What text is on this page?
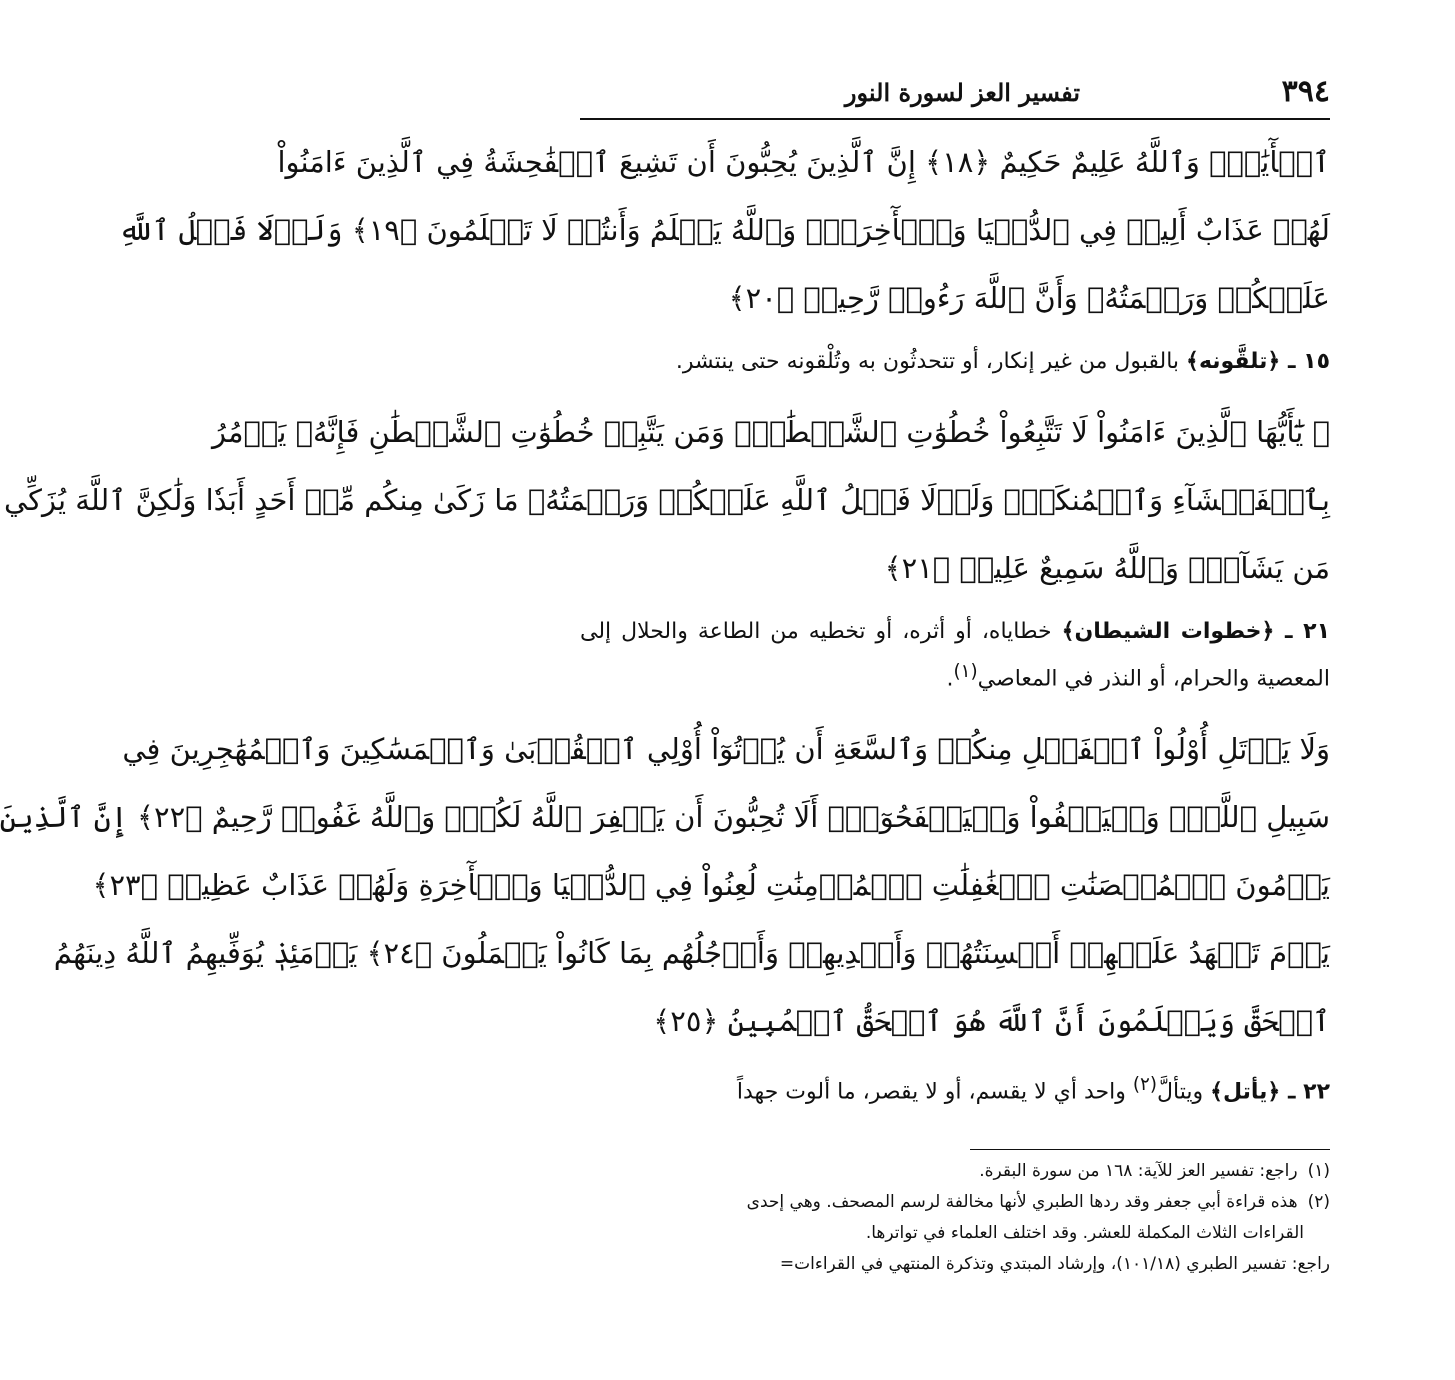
٣٩٤
تفسير العز لسورة النور
ٱلۡأٓيَٰتِۚ وَٱللَّهُ عَلِيمٌ حَكِيمٌ ﴿١٨﴾ إِنَّ ٱلَّذِينَ يُحِبُّونَ أَن تَشِيعَ ٱلۡفَٰحِشَةُ فِي ٱلَّذِينَ ءَامَنُواْ
لَهُمۡ عَذَابٌ أَلِيمٞ فِي ٱلدُّنۡيَا وَٱلۡأٓخِرَةِۚ وَٱللَّهُ يَعۡلَمُ وَأَنتُمۡ لَا تَعۡلَمُونَ ﴿١٩﴾ وَلَوۡلَا فَضۡلُ ٱللَّهِ
عَلَيۡكُمۡ وَرَحۡمَتُهُۥ وَأَنَّ ٱللَّهَ رَءُوفٞ رَّحِيمٞ ﴿٢٠﴾
١٥ ـ ﴿تلقَّونه﴾ بالقبول من غير إنكار، أو تتحدثُون به وتُلْقونه حتى ينتشر.
۞ يَٰٓأَيُّهَا ٱلَّذِينَ ءَامَنُواْ لَا تَتَّبِعُواْ خُطُوَٰتِ ٱلشَّيۡطَٰنِۚ وَمَن يَتَّبِعۡ خُطُوَٰتِ ٱلشَّيۡطَٰنِ فَإِنَّهُۥ يَأۡمُرُ
بِٱلۡفَحۡشَآءِ وَٱلۡمُنكَرِۚ وَلَوۡلَا فَضۡلُ ٱللَّهِ عَلَيۡكُمۡ وَرَحۡمَتُهُۥ مَا زَكَىٰ مِنكُم مِّنۡ أَحَدٍ أَبَدٗا وَلَٰكِنَّ ٱللَّهَ يُزَكِّي
مَن يَشَآءُۗ وَٱللَّهُ سَمِيعٌ عَلِيمٞ ﴿٢١﴾
٢١ ـ ﴿خطوات الشيطان﴾ خطاياه، أو أثره، أو تخطيه من الطاعة والحلال إلى المعصية والحرام، أو النذر في المعاصي$^{(١)}$.
وَلَا يَأۡتَلِ أُوْلُواْ ٱلۡفَضۡلِ مِنكُمۡ وَٱلسَّعَةِ أَن يُؤۡتُوٓاْ أُوْلِي ٱلۡقُرۡبَىٰ وَٱلۡمَسَٰكِينَ وَٱلۡمُهَٰجِرِينَ فِي
سَبِيلِ ٱللَّهِۖ وَلۡيَعۡفُواْ وَلۡيَصۡفَحُوٓاْۗ أَلَا تُحِبُّونَ أَن يَغۡفِرَ ٱللَّهُ لَكُمۡۚ وَٱللَّهُ غَفُورٞ رَّحِيمٌ ﴿٢٢﴾ إِنَّ ٱلَّذِينَ
يَرۡمُونَ ٱلۡمُحۡصَنَٰتِ ٱلۡغَٰفِلَٰتِ ٱلۡمُؤۡمِنَٰتِ لُعِنُواْ فِي ٱلدُّنۡيَا وَٱلۡأٓخِرَةِ وَلَهُمۡ عَذَابٌ عَظِيمٞ ﴿٢٣﴾
يَوۡمَ تَشۡهَدُ عَلَيۡهِمۡ أَلۡسِنَتُهُمۡ وَأَيۡدِيهِمۡ وَأَرۡجُلُهُم بِمَا كَانُواْ يَعۡمَلُونَ ﴿٢٤﴾ يَوۡمَئِذٖ يُوَفِّيهِمُ ٱللَّهُ دِينَهُمُ
ٱلۡحَقَّ وَيَعۡلَمُونَ أَنَّ ٱللَّهَ هُوَ ٱلۡحَقُّ ٱلۡمُبِينُ ﴿٢٥﴾
٢٢ ـ ﴿يأتل﴾ ويتألَّ$^{(٢)}$ واحد أي لا يقسم، أو لا يقصر، ما ألوت جهداً
(١)راجع: تفسير العز للآية: ١٦٨ من سورة البقرة.
(٢)هذه قراءة أبي جعفر وقد ردها الطبري لأنها مخالفة لرسم المصحف. وهي إحدى
القراءات الثلاث المكملة للعشر. وقد اختلف العلماء في تواترها.
راجع: تفسير الطبري (١٠١/١٨)، وإرشاد المبتدي وتذكرة المنتهي في القراءات=
